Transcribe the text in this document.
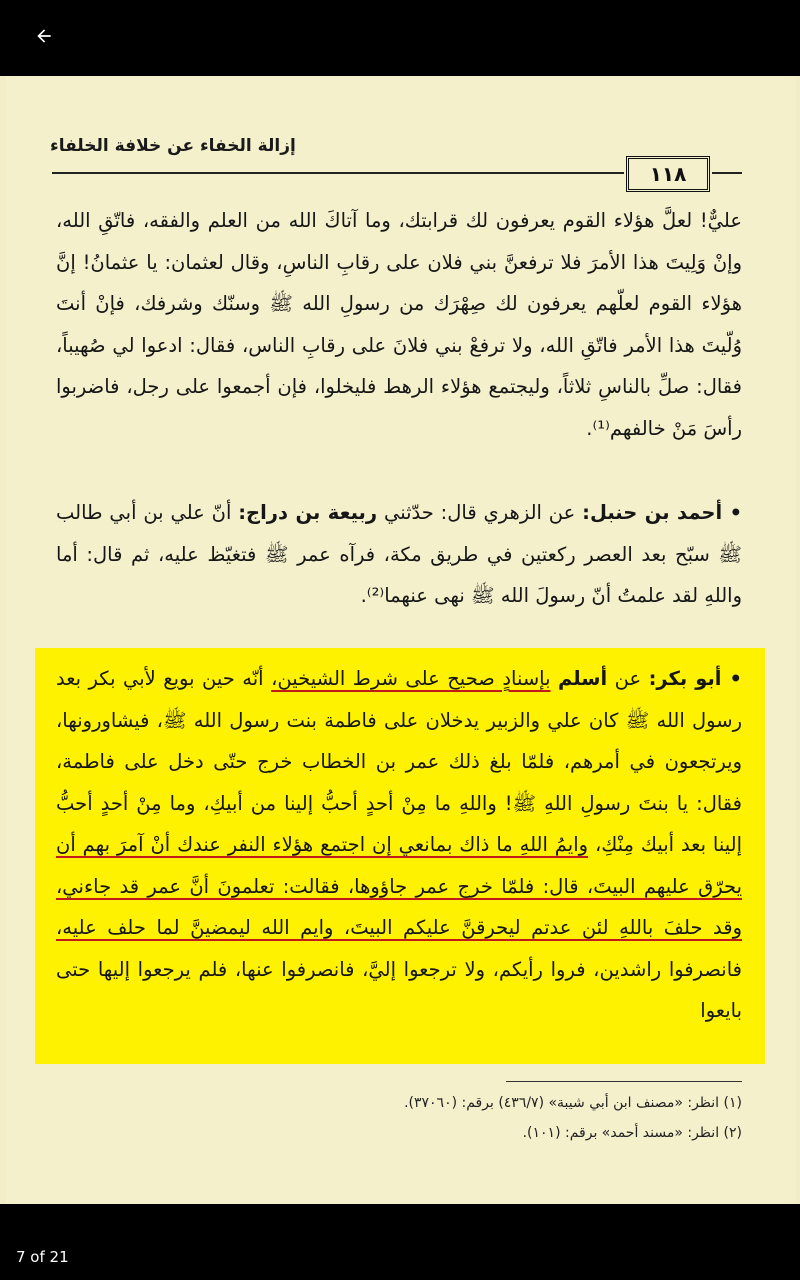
إزالة الخفاء عن خلافة الخلفاء
١١٨
عليٌّ! لعلَّ هؤلاء القوم يعرفون لك قرابتك، وما آتاكَ الله من العلم والفقه، فاتّقِ الله، وإنْ وَلِيتَ هذا الأمرَ فلا ترفعنَّ بني فلان على رقابِ الناسِ، وقال لعثمان: يا عثمانُ! إنَّ هؤلاء القوم لعلّهم يعرفون لك صِهْرَك من رسولِ الله ﷺ وسنّك وشرفك، فإنْ أنتَ وُلّيتَ هذا الأمر فاتّقِ الله، ولا ترفعْ بني فلانَ على رقابِ الناس، فقال: ادعوا لي صُهيباً، فقال: صلِّ بالناسِ ثلاثاً، وليجتمع هؤلاء الرهط فليخلوا، فإن أجمعوا على رجل، فاضربوا رأسَ مَنْ خالفهم⁽¹⁾.
• أحمد بن حنبل: عن الزهري قال: حدّثني ربيعة بن دراج: أنّ علي بن أبي طالب ﷺ سبّح بعد العصر ركعتين في طريق مكة، فرآه عمر ﷺ فتغيّظ عليه، ثم قال: أما واللهِ لقد علمتُ أنّ رسولَ الله ﷺ نهى عنهما⁽²⁾.
• أبو بكر: عن أسلم بإسنادٍ صحيح على شرط الشيخين، أنّه حين بويع لأبي بكر بعد رسول الله ﷺ كان علي والزبير يدخلان على فاطمة بنت رسول الله ﷺ، فيشاورونها، ويرتجعون في أمرهم، فلمّا بلغ ذلك عمر بن الخطاب خرج حتّى دخل على فاطمة، فقال: يا بنتَ رسولِ اللهِ ﷺ! واللهِ ما مِنْ أحدٍ أحبُّ إلينا من أبيكِ، وما مِنْ أحدٍ أحبُّ إلينا بعد أبيك مِنْكِ، وايمُ اللهِ ما ذاك بمانعي إن اجتمع هؤلاء النفر عندك أنْ آمرَ بهم أن يحرّق عليهم البيتَ، قال: فلمّا خرج عمر جاؤوها، فقالت: تعلمونَ أنَّ عمر قد جاءني، وقد حلفَ باللهِ لئن عدتم ليحرقنَّ عليكم البيتَ، وايم الله ليمضينَّ لما حلف عليه، فانصرفوا راشدين، فروا رأيكم، ولا ترجعوا إليَّ، فانصرفوا عنها، فلم يرجعوا إليها حتى بايعوا
(١) انظر: «مصنف ابن أبي شيبة» (٤٣٦/٧) برقم: (٣٧٠٦٠).
(٢) انظر: «مسند أحمد» برقم: (١٠١).
7 of 21
